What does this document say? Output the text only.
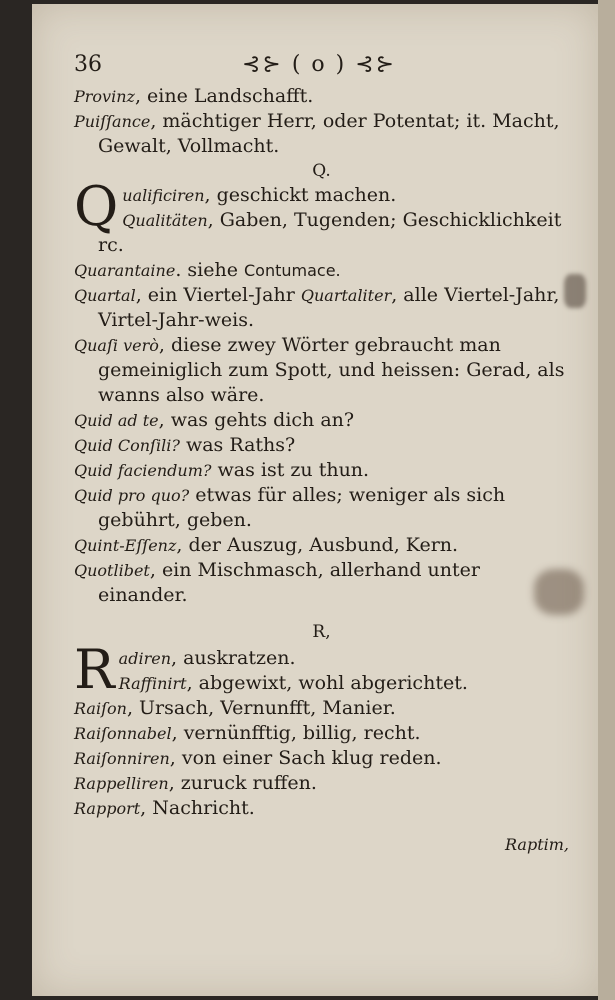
36	⊰⊱ ( o ) ⊰⊱

Provinz, eine Landschafft.

Puiſſance, mächtiger Herr, oder Potentat; it. Macht, Gewalt, Vollmacht.

Q.

Qualificiren, geschickt machen.
Qualitäten, Gaben, Tugenden; Geschicklichkeit rc.

Quarantaine. siehe Contumace.

Quartal, ein Viertel-Jahr Quartaliter, alle Viertel-Jahr, Virtel-Jahr-weis.

Quaſi verò, diese zwey Wörter gebraucht man gemeiniglich zum Spott, und heissen: Gerad, als wanns also wäre.

Quid ad te, was gehts dich an?

Quid Conſili? was Raths?

Quid faciendum? was ist zu thun.

Quid pro quo? etwas für alles; weniger als sich gebührt, geben.

Quint-Eſſenz, der Auszug, Ausbund, Kern.

Quotlibet, ein Mischmasch, allerhand unter einander.

R,

Radiren, auskratzen.
Raffinirt, abgewixt, wohl abgerichtet.

Raiſon, Ursach, Vernunfft, Manier.

Raiſonnabel, vernünfftig, billig, recht.

Raiſonniren, von einer Sach klug reden.

Rappelliren, zuruck ruffen.

Rapport, Nachricht.

Raptim,
